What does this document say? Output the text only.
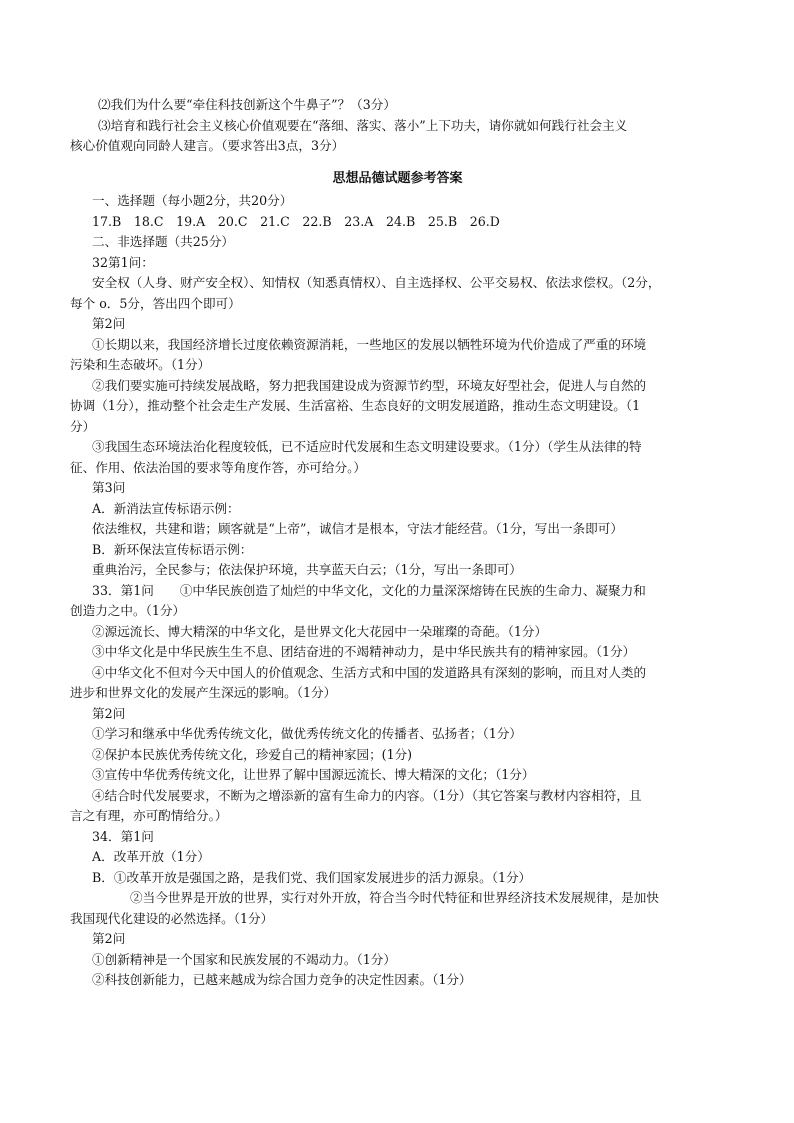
⑵我们为什么要“牵住科技创新这个牛鼻子”？（3分）

⑶培育和践行社会主义核心价值观要在“落细、落实、落小”上下功夫，请你就如何践行社会主义

核心价值观向同龄人建言。（要求答出3点，3分）

思想品德试题参考答案

一、选择题（每小题2分，共20分）

17.B　18.C　19.A　20.C　21.C　22.B　23.A　24.B　25.B　26.D

二、非选择题（共25分）

32第1问：

安全权（人身、财产安全权）、知情权（知悉真情权）、自主选择权、公平交易权、依法求偿权。（2分，

每个 o．5分，答出四个即可）

第2问

①长期以来，我国经济增长过度依赖资源消耗，一些地区的发展以牺牲环境为代价造成了严重的环境

污染和生态破坏。（1分）

②我们要实施可持续发展战略，努力把我国建设成为资源节约型，环境友好型社会，促进人与自然的

协调（1分），推动整个社会走生产发展、生活富裕、生态良好的文明发展道路，推动生态文明建设。（1

分）

③我国生态环境法治化程度较低，已不适应时代发展和生态文明建设要求。（1分）（学生从法律的特

征、作用、依法治国的要求等角度作答，亦可给分。）

第3问

A．新消法宣传标语示例：

依法维权，共建和谐；顾客就是“上帝”，诚信才是根本，守法才能经营。（1分，写出一条即可）

B．新环保法宣传标语示例：

重典治污，全民参与；依法保护环境，共享蓝天白云；（1分，写出一条即可）

33．第1问 ①中华民族创造了灿烂的中华文化，文化的力量深深熔铸在民族的生命力、凝聚力和

创造力之中。（1分）

②源远流长、博大精深的中华文化，是世界文化大花园中一朵璀璨的奇葩。（1分）

③中华文化是中华民族生生不息、团结奋进的不竭精神动力，是中华民族共有的精神家园。（1分）

④中华文化不但对今天中国人的价值观念、生活方式和中国的发道路具有深刻的影响，而且对人类的

进步和世界文化的发展产生深远的影响。（1分）

第2问

①学习和继承中华优秀传统文化，做优秀传统文化的传播者、弘扬者；（1分）

②保护本民族优秀传统文化，珍爱自己的精神家园；(1分)

③宣传中华优秀传统文化，让世界了解中国源远流长、博大精深的文化；（1分）

④结合时代发展要求，不断为之增添新的富有生命力的内容。（1分）（其它答案与教材内容相符，且

言之有理，亦可酌情给分。）

34．第1问

A．改革开放（1分）

B．①改革开放是强国之路，是我们党、我们国家发展进步的活力源泉。（1分）

②当今世界是开放的世界，实行对外开放，符合当今时代特征和世界经济技术发展规律，是加快

我国现代化建设的必然选择。（1分）

第2问

①创新精神是一个国家和民族发展的不竭动力。（1分）

②科技创新能力，已越来越成为综合国力竞争的决定性因素。（1分）
